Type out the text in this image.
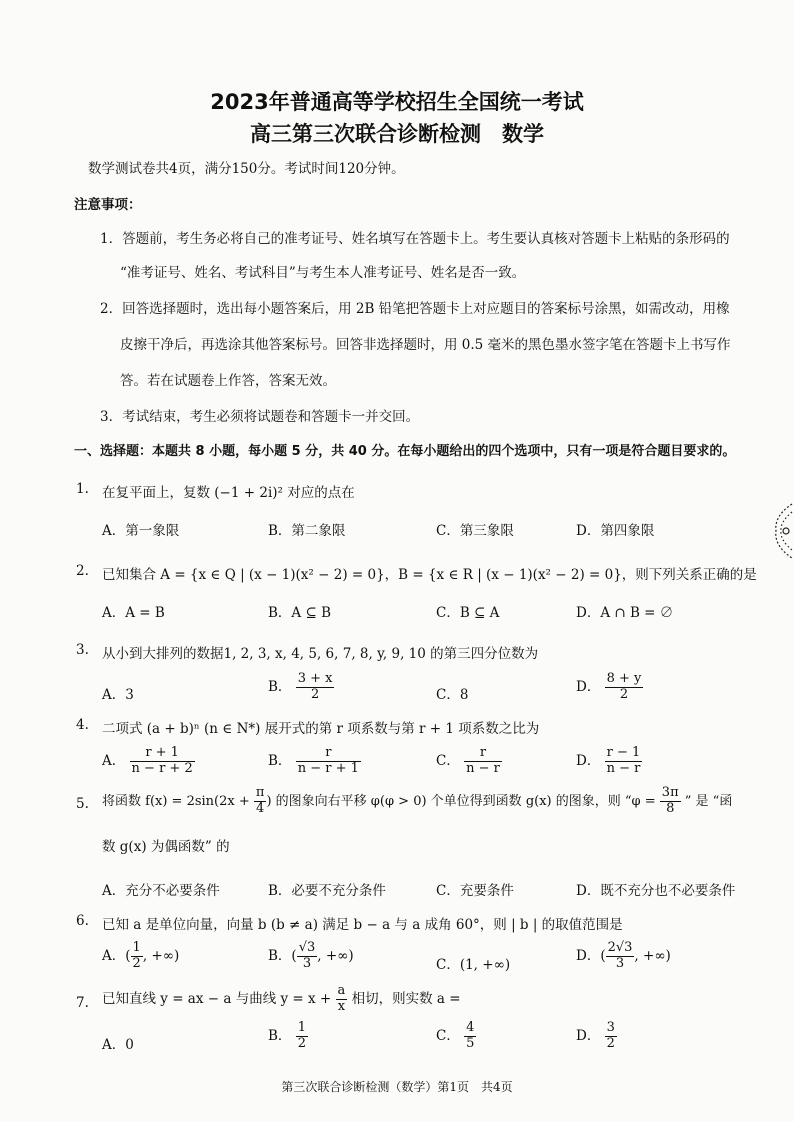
2023年普通高等学校招生全国统一考试
高三第三次联合诊断检测　数学
数学测试卷共4页，满分150分。考试时间120分钟。
注意事项：
1．答题前，考生务必将自己的准考证号、姓名填写在答题卡上。考生要认真核对答题卡上粘贴的条形码的
“准考证号、姓名、考试科目”与考生本人准考证号、姓名是否一致。
2．回答选择题时，选出每小题答案后，用 2B 铅笔把答题卡上对应题目的答案标号涂黑，如需改动，用橡
皮擦干净后，再选涂其他答案标号。回答非选择题时，用 0.5 毫米的黑色墨水签字笔在答题卡上书写作
答。若在试题卷上作答，答案无效。
3．考试结束，考生必须将试题卷和答题卡一并交回。
一、选择题：本题共 8 小题，每小题 5 分，共 40 分。在每小题给出的四个选项中，只有一项是符合题目要求的。
1. 在复平面上，复数 (−1 + 2i)² 对应的点在
A．第一象限	B．第二象限	C．第三象限	D．第四象限
2. 已知集合 A = {x ∈ Q | (x − 1)(x² − 2) = 0}，B = {x ∈ R | (x − 1)(x² − 2) = 0}，则下列关系正确的是
A．A = B	B．A ⊆ B	C．B ⊆ A	D．A ∩ B = ∅
3. 从小到大排列的数据1, 2, 3, x, 4, 5, 6, 7, 8, y, 9, 10 的第三四分位数为
A．3
B． $\frac{3 + x}{2}$	C．8
D． $\frac{8 + y}{2}$
4. 二项式 (a + b)ⁿ (n ∈ N*) 展开式的第 r 项系数与第 r + 1 项系数之比为
A． $\frac{r + 1}{n - r + 2}$	B． $\frac{r}{n - r + 1}$	C． $\frac{r}{n - r}$	D． $\frac{r - 1}{n - r}$
5. 将函数 $f(x) = 2\sin(2x + \frac{\pi}{4}$ ) 的图象向右平移 φ(φ > 0) 个单位得到函数 g(x) 的图象，则 “$\varphi = \frac{3\pi}{8}$ ” 是 “函
数 g(x) 为偶函数” 的
A．充分不必要条件	B．必要不充分条件	C．充要条件	D．既不充分也不必要条件
6. 已知 a 是单位向量，向量 b (b ≠ a) 满足 b − a 与 a 成角 60°，则 | b | 的取值范围是
A．( $\frac{1}{2}$ , +∞)	B．( $\frac{√3}{3}$ , +∞)
C．(1, +∞)
D．( $\frac{2√3}{3}$ , +∞)
7. 已知直线 y = ax − a 与曲线 $y = x + \frac{a}{x}$ 相切，则实数 a =
A．0
B． $\frac{1}{2}$	C． $\frac{4}{5}$	D． $\frac{3}{2}$
第三次联合诊断检测（数学）第1页　共4页
